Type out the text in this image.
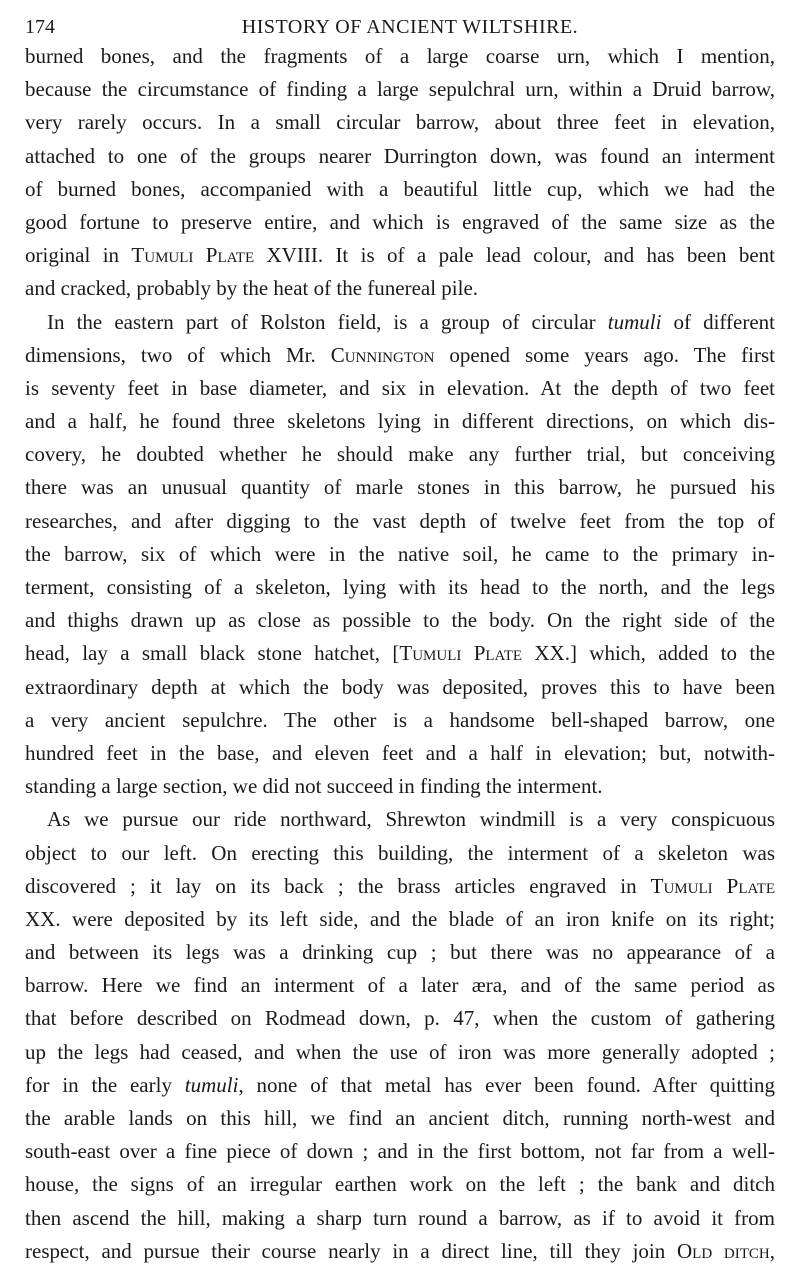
174	HISTORY OF ANCIENT WILTSHIRE.
burned bones, and the fragments of a large coarse urn, which I mention,
because the circumstance of finding a large sepulchral urn, within a Druid barrow,
very rarely occurs. In a small circular barrow, about three feet in elevation,
attached to one of the groups nearer Durrington down, was found an interment
of burned bones, accompanied with a beautiful little cup, which we had the
good fortune to preserve entire, and which is engraved of the same size as the
original in Tumuli Plate XVIII. It is of a pale lead colour, and has been bent
and cracked, probably by the heat of the funereal pile.
In the eastern part of Rolston field, is a group of circular tumuli of different
dimensions, two of which Mr. Cunnington opened some years ago. The first
is seventy feet in base diameter, and six in elevation. At the depth of two feet
and a half, he found three skeletons lying in different directions, on which dis-
covery, he doubted whether he should make any further trial, but conceiving
there was an unusual quantity of marle stones in this barrow, he pursued his
researches, and after digging to the vast depth of twelve feet from the top of
the barrow, six of which were in the native soil, he came to the primary in-
terment, consisting of a skeleton, lying with its head to the north, and the legs
and thighs drawn up as close as possible to the body. On the right side of the
head, lay a small black stone hatchet, [Tumuli Plate XX.] which, added to the
extraordinary depth at which the body was deposited, proves this to have been
a very ancient sepulchre. The other is a handsome bell-shaped barrow, one
hundred feet in the base, and eleven feet and a half in elevation; but, notwith-
standing a large section, we did not succeed in finding the interment.
As we pursue our ride northward, Shrewton windmill is a very conspicuous
object to our left. On erecting this building, the interment of a skeleton was
discovered ; it lay on its back ; the brass articles engraved in Tumuli Plate
XX. were deposited by its left side, and the blade of an iron knife on its right;
and between its legs was a drinking cup ; but there was no appearance of a
barrow. Here we find an interment of a later æra, and of the same period as
that before described on Rodmead down, p. 47, when the custom of gathering
up the legs had ceased, and when the use of iron was more generally adopted ;
for in the early tumuli, none of that metal has ever been found. After quitting
the arable lands on this hill, we find an ancient ditch, running north-west and
south-east over a fine piece of down ; and in the first bottom, not far from a well-
house, the signs of an irregular earthen work on the left ; the bank and ditch
then ascend the hill, making a sharp turn round a barrow, as if to avoid it from
respect, and pursue their course nearly in a direct line, till they join Old ditch,
